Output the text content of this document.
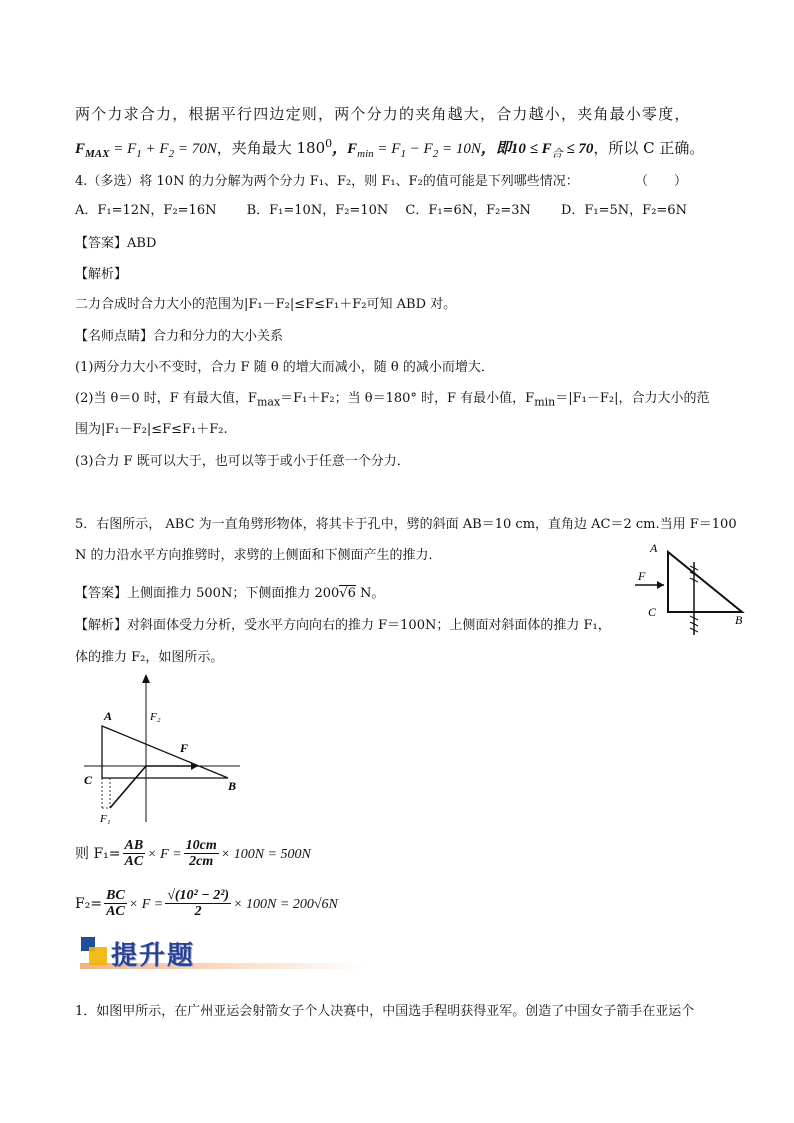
两个力求合力，根据平行四边定则，两个分力的夹角越大，合力越小，夹角最小零度，
$F_{MAX} = F_1 + F_2 = 70N$，夹角最大 $180^0$，$F_{min} = F_1 - F_2 = 10N$，即$10 \le F_合 \le 70$，所以 C 正确。
4.（多选）将 10N 的力分解为两个分力 F₁、F₂，则 F₁、F₂的值可能是下列哪些情况：	（　　）
A．F₁=12N，F₂=16N　　 B．F₁=10N，F₂=10N　 C．F₁=6N，F₂=3N　　 D．F₁=5N，F₂=6N
【答案】ABD
【解析】
二力合成时合力大小的范围为|F₁－F₂|≤F≤F₁＋F₂可知 ABD 对。
【名师点睛】合力和分力的大小关系
(1)两分力大小不变时，合力 F 随 θ 的增大而减小，随 θ 的减小而增大．
(2)当 θ＝0 时，F 有最大值，$F_{max}=F_1+F_2$；当 θ＝180° 时，F 有最小值，$F_{min}=|F_1-F_2|$，合力大小的范
围为|F₁－F₂|≤F≤F₁＋F₂.
(3)合力 F 既可以大于，也可以等于或小于任意一个分力．
5．右图所示， ABC 为一直角劈形物体，将其卡于孔中，劈的斜面 AB＝10 cm，直角边 AC＝2 cm.当用 F＝100
N 的力沿水平方向推劈时，求劈的上侧面和下侧面产生的推力．
【答案】上侧面推力 500N；下侧面推力 200√6 N。
【解析】对斜面体受力分析，受水平方向向右的推力 F＝100N；上侧面对斜面体的推力 F₁，
体的推力 F₂，如图所示。
A
F
C
B
A	F₂
F
C	B
F₁
则 $F_1= \frac{AB}{AC} \times F = \frac{10cm}{2cm} \times 100N = 500N$
$F_2= \frac{BC}{AC} \times F = \frac{\text{√(10² − 2²)}}{2} \times 100N = 200√6N$
提升题
1．如图甲所示，在广州亚运会射箭女子个人决赛中，中国选手程明获得亚军。创造了中国女子箭手在亚运个
